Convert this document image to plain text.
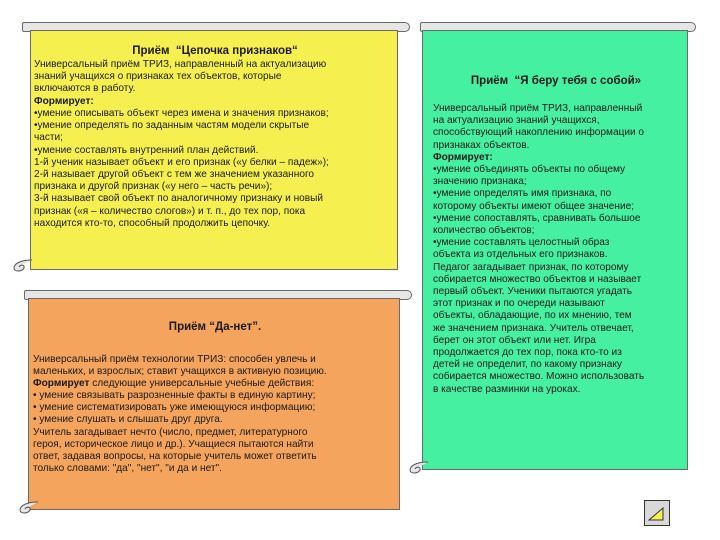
Приём  “Цепочка признаков“
Универсальный приём ТРИЗ, направленный на актуализацию
знаний учащихся о признаках тех объектов, которые
включаются в работу.
Формирует:
•умение описывать объект через имена и значения признаков;
•умение определять по заданным частям модели скрытые
части;
•умение составлять внутренний план действий.
1-й ученик называет объект и его признак («у белки – падеж»);
2-й называет другой объект с тем же значением указанного
признака и другой признак («у него – часть речи»);
3-й называет свой объект по аналогичному признаку и новый
признак («я – количество слогов») и т. п., до тех пор, пока
находится кто-то, способный продолжить цепочку.
Приём “Да-нет”.
Универсальный приём технологии ТРИЗ: способен увлечь и
маленьких, и взрослых; ставит учащихся в активную позицию.
Формирует следующие универсальные учебные действия:
• умение связывать разрозненные факты в единую картину;
• умение систематизировать уже имеющуюся информацию;
• умение слушать и слышать друг друга.
Учитель загадывает нечто (число, предмет, литературного
героя, историческое лицо и др.). Учащиеся пытаются найти
ответ, задавая вопросы, на которые учитель может ответить
только словами: "да", "нет", "и да и нет".
Приём  “Я беру тебя с собой»
Универсальный приём ТРИЗ, направленный
на актуализацию знаний учащихся,
способствующий накоплению информации о
признаках объектов.
Формирует:
•умение объединять объекты по общему
значению признака;
•умение определять имя признака, по
которому объекты имеют общее значение;
•умение сопоставлять, сравнивать большое
количество объектов;
•умение составлять целостный образ
объекта из отдельных его признаков.
Педагог загадывает признак, по которому
собирается множество объектов и называет
первый объект. Ученики пытаются угадать
этот признак и по очереди называют
объекты, обладающие, по их мнению, тем
же значением признака. Учитель отвечает,
берет он этот объект или нет. Игра
продолжается до тех пор, пока кто-то из
детей не определит, по какому признаку
собирается множество. Можно использовать
в качестве разминки на уроках.
